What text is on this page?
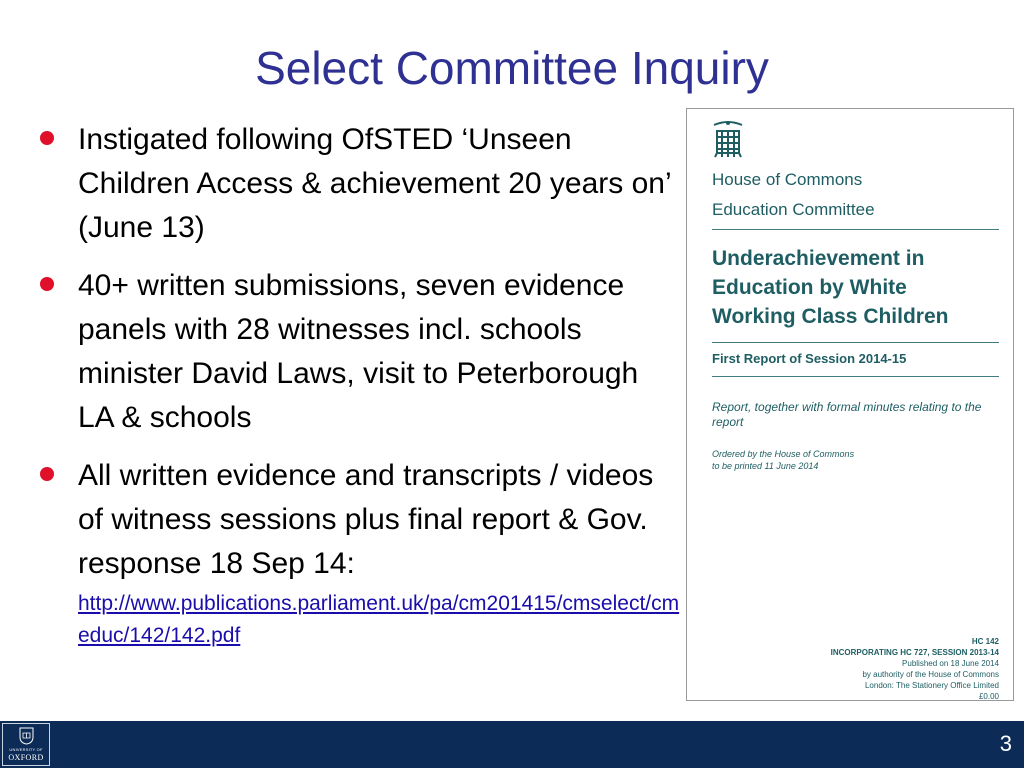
Select Committee Inquiry
Instigated following OfSTED ‘Unseen Children Access & achievement 20 years on’ (June 13)
40+ written submissions, seven evidence panels with 28 witnesses incl. schools minister David Laws, visit to Peterborough LA & schools
All written evidence and transcripts / videos of witness sessions plus final report & Gov. response 18 Sep 14:
http://www.publications.parliament.uk/pa/cm201415/cmselect/cmeduc/142/142.pdf
House of Commons
Education Committee
Underachievement in
Education by White
Working Class Children
First Report of Session 2014-15
Report, together with formal minutes relating to the report
Ordered by the House of Commons
to be printed 11 June 2014
HC 142
INCORPORATING HC 727, SESSION 2013-14
Published on 18 June 2014
by authority of the House of Commons
London: The Stationery Office Limited
£0.00
UNIVERSITY OF
OXFORD
3
